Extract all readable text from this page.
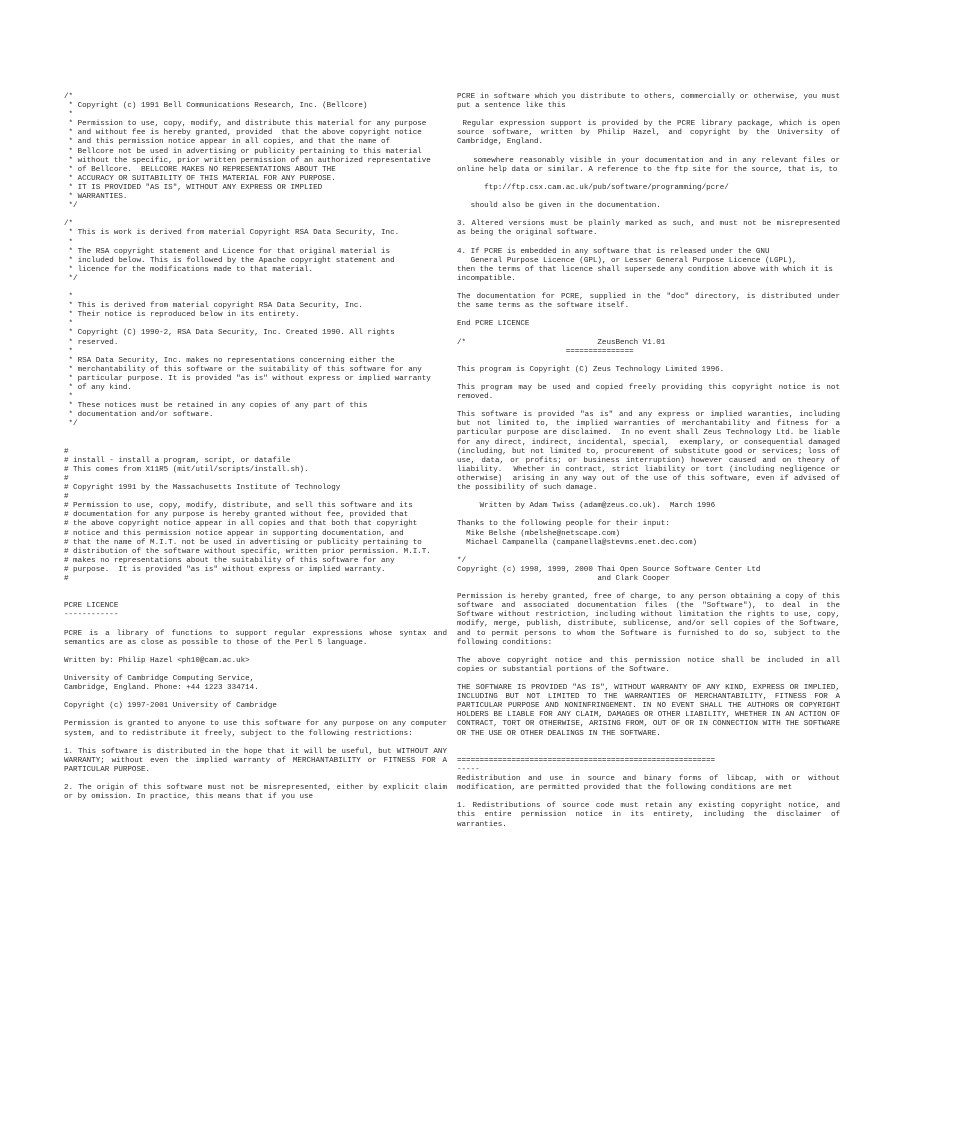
/*
* Copyright (c) 1991 Bell Communications Research, Inc. (Bellcore)
*
* Permission to use, copy, modify, and distribute this material for any purpose
* and without fee is hereby granted, provided  that the above copyright notice
* and this permission notice appear in all copies, and that the name of
* Bellcore not be used in advertising or publicity pertaining to this material
* without the specific, prior written permission of an authorized representative
* of Bellcore.  BELLCORE MAKES NO REPRESENTATIONS ABOUT THE
* ACCURACY OR SUITABILITY OF THIS MATERIAL FOR ANY PURPOSE.
* IT IS PROVIDED "AS IS", WITHOUT ANY EXPRESS OR IMPLIED
* WARRANTIES.
*/
/*
* This is work is derived from material Copyright RSA Data Security, Inc.
*
* The RSA copyright statement and Licence for that original material is
* included below. This is followed by the Apache copyright statement and
* licence for the modifications made to that material.
*/

*
* This is derived from material copyright RSA Data Security, Inc.
* Their notice is reproduced below in its entirety.
*
* Copyright (C) 1990-2, RSA Data Security, Inc. Created 1990. All rights
* reserved.
*
* RSA Data Security, Inc. makes no representations concerning either the
* merchantability of this software or the suitability of this software for any
* particular purpose. It is provided "as is" without express or implied warranty
* of any kind.
*
* These notices must be retained in any copies of any part of this
* documentation and/or software.
*/
#
# install - install a program, script, or datafile
# This comes from X11R5 (mit/util/scripts/install.sh).
#
# Copyright 1991 by the Massachusetts Institute of Technology
#
# Permission to use, copy, modify, distribute, and sell this software and its
# documentation for any purpose is hereby granted without fee, provided that
# the above copyright notice appear in all copies and that both that copyright
# notice and this permission notice appear in supporting documentation, and
# that the name of M.I.T. not be used in advertising or publicity pertaining to
# distribution of the software without specific, written prior permission. M.I.T.
# makes no representations about the suitability of this software for any
# purpose.  It is provided "as is" without express or implied warranty.
#
PCRE LICENCE
------------
PCRE is a library of functions to support regular expressions whose syntax and semantics are as close as possible to those of the Perl 5 language.
Written by: Philip Hazel <ph10@cam.ac.uk>
University of Cambridge Computing Service,
Cambridge, England. Phone: +44 1223 334714.
Copyright (c) 1997-2001 University of Cambridge
Permission is granted to anyone to use this software for any purpose on any computer system, and to redistribute it freely, subject to the following restrictions:
1. This software is distributed in the hope that it will be useful, but WITHOUT ANY WARRANTY; without even the implied warranty of MERCHANTABILITY or FITNESS FOR A PARTICULAR PURPOSE.
2. The origin of this software must not be misrepresented, either by explicit claim or by omission. In practice, this means that if you use
PCRE in software which you distribute to others, commercially or otherwise, you must put a sentence like this
Regular expression support is provided by the PCRE library package, which is open source software, written by Philip Hazel, and copyright by the University of Cambridge, England.
somewhere reasonably visible in your documentation and in any relevant files or online help data or similar. A reference to the ftp site for the source, that is, to
ftp://ftp.csx.cam.ac.uk/pub/software/programming/pcre/
should also be given in the documentation.
3. Altered versions must be plainly marked as such, and must not be misrepresented as being the original software.
4. If PCRE is embedded in any software that is released under the GNU
General Purpose Licence (GPL), or Lesser General Purpose Licence (LGPL),
then the terms of that licence shall supersede any condition above with which it is incompatible.
The documentation for PCRE, supplied in the "doc" directory, is distributed under the same terms as the software itself.
End PCRE LICENCE
/*                             ZeusBench V1.01
===============
This program is Copyright (C) Zeus Technology Limited 1996.
This program may be used and copied freely providing this copyright notice is not removed.
This software is provided "as is" and any express or implied waranties, including but not limited to, the implied warranties of merchantability and fitness for a particular purpose are disclaimed.  In no event shall Zeus Technology Ltd. be liable for any direct, indirect, incidental, special,  exemplary, or consequential damaged (including, but not limited to, procurement of substitute good or services; loss of use, data, or profits; or business interruption) however caused and on theory of liability.  Whether in contract, strict liability or tort (including negligence or otherwise)  arising in any way out of the use of this software, even if advised of the possibility of such damage.
Written by Adam Twiss (adam@zeus.co.uk).  March 1996
Thanks to the following people for their input:
Mike Belshe (mbelshe@netscape.com)
Michael Campanella (campanella@stevms.enet.dec.com)
*/
Copyright (c) 1998, 1999, 2000 Thai Open Source Software Center Ltd
and Clark Cooper
Permission is hereby granted, free of charge, to any person obtaining a copy of this software and associated documentation files (the "Software"), to deal in the Software without restriction, including without limitation the rights to use, copy, modify, merge, publish, distribute, sublicense, and/or sell copies of the Software, and to permit persons to whom the Software is furnished to do so, subject to the following conditions:
The above copyright notice and this permission notice shall be included in all copies or substantial portions of the Software.
THE SOFTWARE IS PROVIDED "AS IS", WITHOUT WARRANTY OF ANY KIND, EXPRESS OR IMPLIED, INCLUDING BUT NOT LIMITED TO THE WARRANTIES OF MERCHANTABILITY, FITNESS FOR A PARTICULAR PURPOSE AND NONINFRINGEMENT. IN NO EVENT SHALL THE AUTHORS OR COPYRIGHT HOLDERS BE LIABLE FOR ANY CLAIM, DAMAGES OR OTHER LIABILITY, WHETHER IN AN ACTION OF CONTRACT, TORT OR OTHERWISE, ARISING FROM, OUT OF OR IN CONNECTION WITH THE SOFTWARE OR THE USE OR OTHER DEALINGS IN THE SOFTWARE.
=========================================================
-----
Redistribution and use in source and binary forms of libcap, with or without modification, are permitted provided that the following conditions are met
1. Redistributions of source code must retain any existing copyright notice, and this entire permission notice in its entirety, including the disclaimer of warranties.
